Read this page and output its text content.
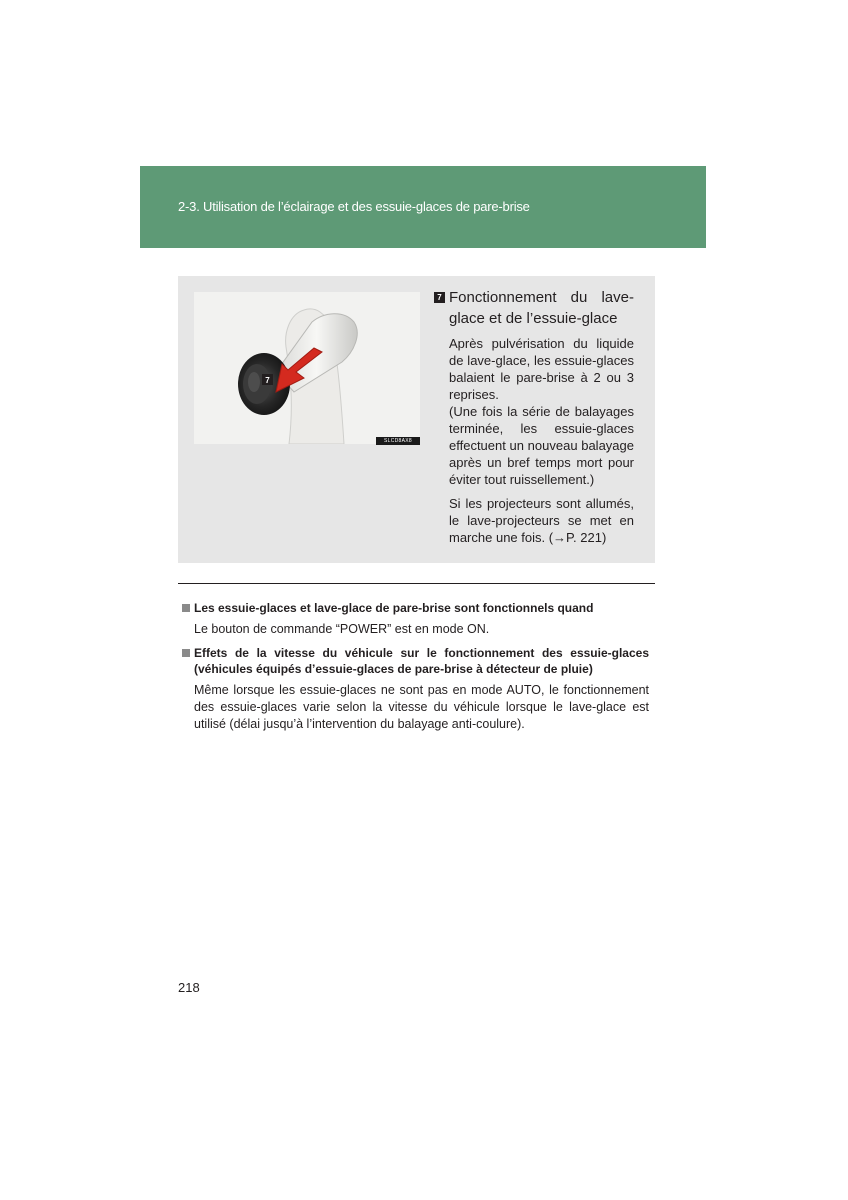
2-3. Utilisation de l’éclairage et des essuie-glaces de pare-brise
7
SLCD8AX8
7 Fonctionnement du lave-glace et de l’essuie-glace

Après pulvérisation du liquide de lave-glace, les essuie-glaces balaient le pare-brise à 2 ou 3 reprises.

(Une fois la série de balayages terminée, les essuie-glaces effectuent un nouveau balayage après un bref temps mort pour éviter tout ruissellement.)

Si les projecteurs sont allumés, le lave-projecteurs se met en marche une fois. (→P. 221)

Les essuie-glaces et lave-glace de pare-brise sont fonctionnels quand
Le bouton de commande “POWER” est en mode ON.
Effets de la vitesse du véhicule sur le fonctionnement des essuie-glaces (véhicules équipés d’essuie-glaces de pare-brise à détecteur de pluie)
Même lorsque les essuie-glaces ne sont pas en mode AUTO, le fonctionnement des essuie-glaces varie selon la vitesse du véhicule lorsque le lave-glace est utilisé (délai jusqu’à l’intervention du balayage anti-coulure).
218
